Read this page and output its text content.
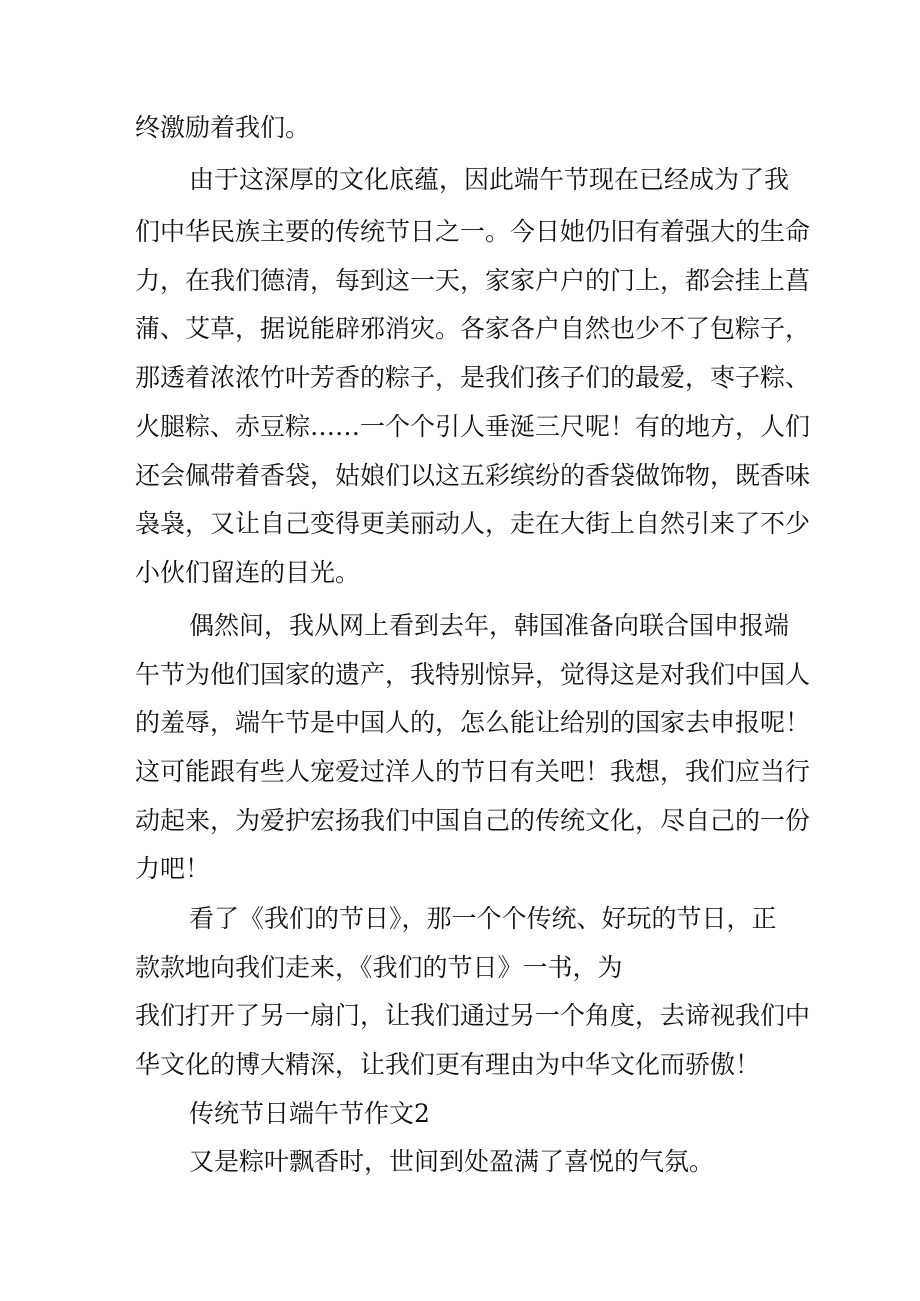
终激励着我们。
由于这深厚的文化底蕴，因此端午节现在已经成为了我
们中华民族主要的传统节日之一。今日她仍旧有着强大的生命
力，在我们德清，每到这一天，家家户户的门上，都会挂上菖
蒲、艾草，据说能辟邪消灾。各家各户自然也少不了包粽子，
那透着浓浓竹叶芳香的粽子，是我们孩子们的最爱，枣子粽、
火腿粽、赤豆粽……一个个引人垂涎三尺呢！有的地方，人们
还会佩带着香袋，姑娘们以这五彩缤纷的香袋做饰物，既香味
袅袅，又让自己变得更美丽动人，走在大街上自然引来了不少
小伙们留连的目光。
偶然间，我从网上看到去年，韩国准备向联合国申报端
午节为他们国家的遗产，我特别惊异，觉得这是对我们中国人
的羞辱，端午节是中国人的，怎么能让给别的国家去申报呢！
这可能跟有些人宠爱过洋人的节日有关吧！我想，我们应当行
动起来，为爱护宏扬我们中国自己的传统文化，尽自己的一份
力吧！
看了《我们的节日》，那一个个传统、好玩的节日，正
款款地向我们走来，《我们的节日》一书，为
我们打开了另一扇门，让我们通过另一个角度，去谛视我们中
华文化的博大精深，让我们更有理由为中华文化而骄傲！
传统节日端午节作文2
又是粽叶飘香时，世间到处盈满了喜悦的气氛。
